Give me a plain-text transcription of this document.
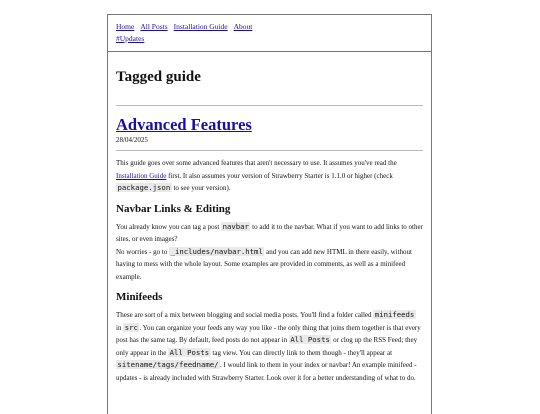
Home All Posts Installation Guide About
#Updates
Tagged guide
Advanced Features
28/04/2025

This guide goes over some advanced features that aren't necessary to use. It assumes you've read the Installation Guide first. It also assumes your version of Strawberry Starter is 1.1.0 or higher (check package.json to see your version).

Navbar Links & Editing

You already know you can tag a post navbar to add it to the navbar. What if you want to add links to other sites, or even images?
No worries - go to _includes/navbar.html and you can add new HTML in there easily, without having to mess with the whole layout. Some examples are provided in comments, as well as a minifeed example.

Minifeeds

These are sort of a mix between blogging and social media posts. You'll find a folder called minifeeds in src . You can organize your feeds any way you like - the only thing that joins them together is that every post has the same tag. By default, feed posts do not appear in All Posts or clog up the RSS Feed; they only appear in the All Posts tag view. You can directly link to them though - they'll appear at sitename/tags/feedname/ . I would link to them in your index or navbar! An example minifeed - updates - is already included with Strawberry Starter. Look over it for a better understanding of what to do.
